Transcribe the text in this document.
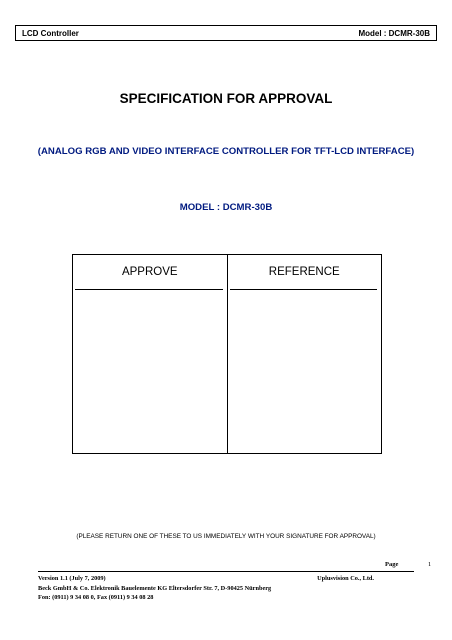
LCD Controller	Model : DCMR-30B
SPECIFICATION FOR APPROVAL
(ANALOG RGB AND VIDEO INTERFACE CONTROLLER FOR TFT-LCD INTERFACE)
MODEL : DCMR-30B
APPROVE	REFERENCE
(PLEASE RETURN ONE OF THESE TO US IMMEDIATELY WITH YOUR SIGNATURE FOR APPROVAL)
Page	1
Version 1.1 (July 7, 2009)	Uplusvision Co., Ltd.
Beck GmbH & Co. Elektronik Bauelemente KG Eltersdorfer Str. 7, D-90425 Nürnberg
Fon: (0911) 9 34 08 0, Fax (0911) 9 34 08 28
